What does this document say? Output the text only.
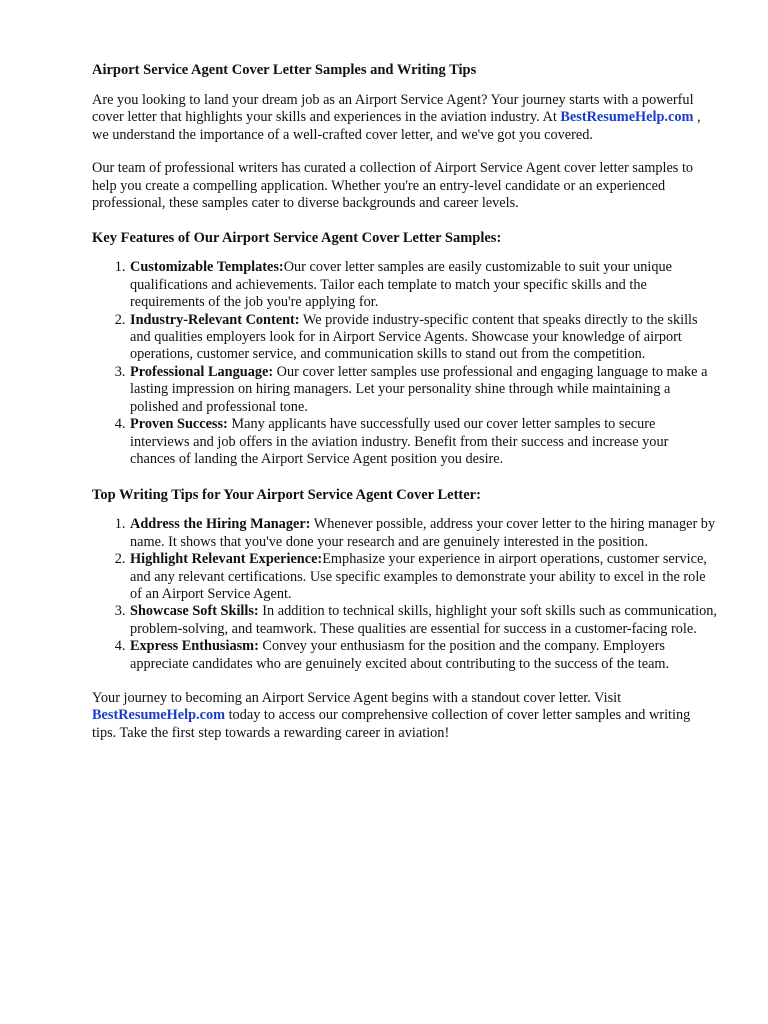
Airport Service Agent Cover Letter Samples and Writing Tips

Are you looking to land your dream job as an Airport Service Agent? Your journey starts with a powerful cover letter that highlights your skills and experiences in the aviation industry. At BestResumeHelp.com , we understand the importance of a well-crafted cover letter, and we've got you covered.

Our team of professional writers has curated a collection of Airport Service Agent cover letter samples to help you create a compelling application. Whether you're an entry-level candidate or an experienced professional, these samples cater to diverse backgrounds and career levels.

Key Features of Our Airport Service Agent Cover Letter Samples:
1. Customizable Templates:Our cover letter samples are easily customizable to suit your unique qualifications and achievements. Tailor each template to match your specific skills and the requirements of the job you're applying for.
2. Industry-Relevant Content: We provide industry-specific content that speaks directly to the skills and qualities employers look for in Airport Service Agents. Showcase your knowledge of airport operations, customer service, and communication skills to stand out from the competition.
3. Professional Language: Our cover letter samples use professional and engaging language to make a lasting impression on hiring managers. Let your personality shine through while maintaining a polished and professional tone.
4. Proven Success: Many applicants have successfully used our cover letter samples to secure interviews and job offers in the aviation industry. Benefit from their success and increase your chances of landing the Airport Service Agent position you desire.
Top Writing Tips for Your Airport Service Agent Cover Letter:
1. Address the Hiring Manager: Whenever possible, address your cover letter to the hiring manager by name. It shows that you've done your research and are genuinely interested in the position.
2. Highlight Relevant Experience:Emphasize your experience in airport operations, customer service, and any relevant certifications. Use specific examples to demonstrate your ability to excel in the role of an Airport Service Agent.
3. Showcase Soft Skills: In addition to technical skills, highlight your soft skills such as communication, problem-solving, and teamwork. These qualities are essential for success in a customer-facing role.
4. Express Enthusiasm: Convey your enthusiasm for the position and the company. Employers appreciate candidates who are genuinely excited about contributing to the success of the team.

Your journey to becoming an Airport Service Agent begins with a standout cover letter. Visit BestResumeHelp.com today to access our comprehensive collection of cover letter samples and writing tips. Take the first step towards a rewarding career in aviation!
